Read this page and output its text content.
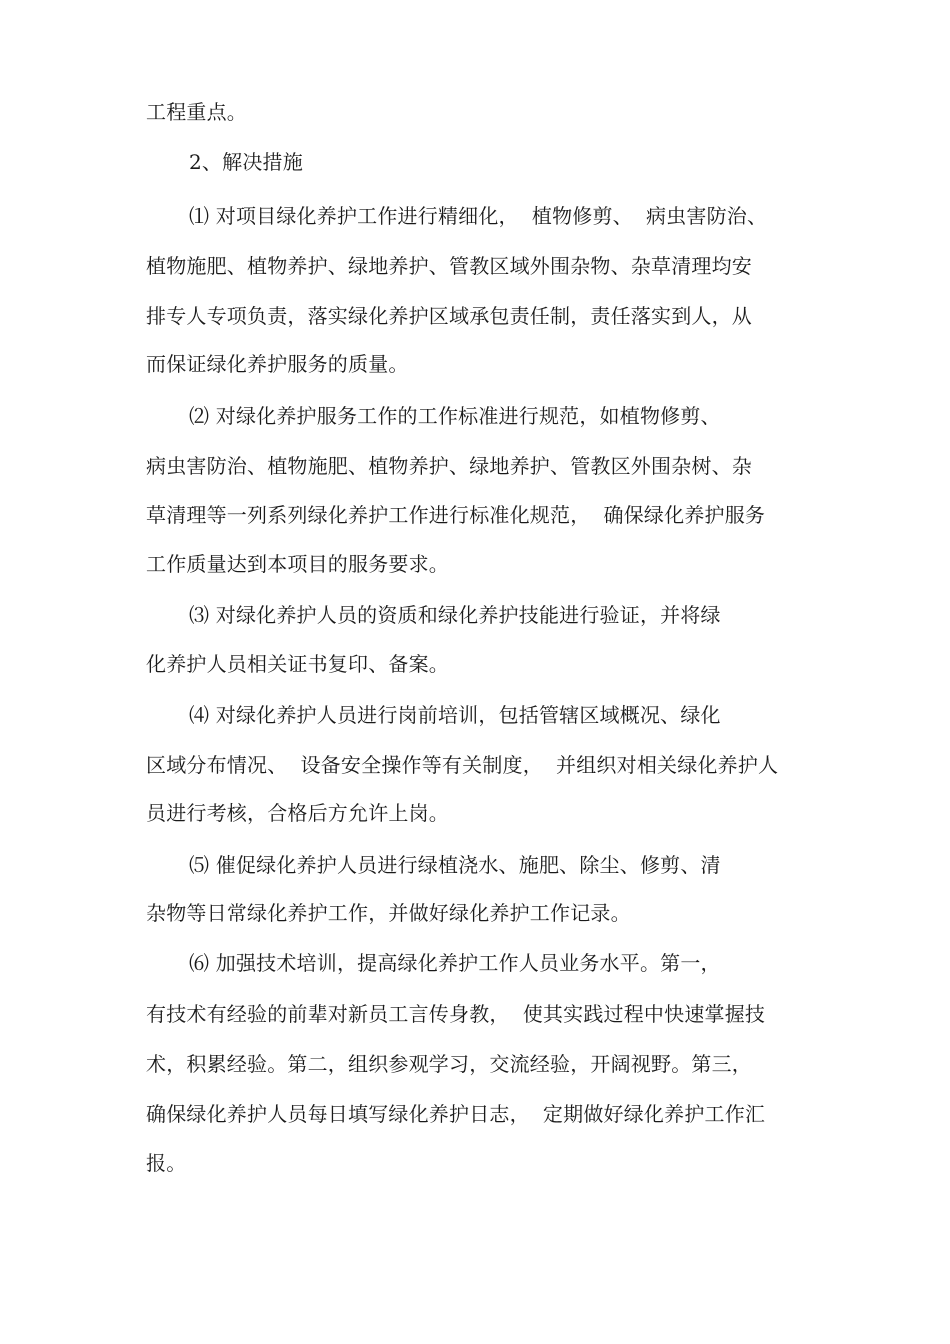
工程重点。
2、解决措施
⑴ 对项目绿化养护工作进行精细化，  植物修剪、  病虫害防治、
植物施肥、植物养护、绿地养护、管教区域外围杂物、杂草清理均安
排专人专项负责，落实绿化养护区域承包责任制，责任落实到人，从
而保证绿化养护服务的质量。
⑵ 对绿化养护服务工作的工作标准进行规范，如植物修剪、
病虫害防治、植物施肥、植物养护、绿地养护、管教区外围杂树、杂
草清理等一列系列绿化养护工作进行标准化规范，  确保绿化养护服务
工作质量达到本项目的服务要求。
⑶ 对绿化养护人员的资质和绿化养护技能进行验证，并将绿
化养护人员相关证书复印、备案。
⑷ 对绿化养护人员进行岗前培训，包括管辖区域概况、绿化
区域分布情况、  设备安全操作等有关制度，  并组织对相关绿化养护人
员进行考核，合格后方允许上岗。
⑸ 催促绿化养护人员进行绿植浇水、施肥、除尘、修剪、清
杂物等日常绿化养护工作，并做好绿化养护工作记录。
⑹ 加强技术培训，提高绿化养护工作人员业务水平。第一，
有技术有经验的前辈对新员工言传身教，  使其实践过程中快速掌握技
术，积累经验。第二，组织参观学习，交流经验，开阔视野。第三，
确保绿化养护人员每日填写绿化养护日志，  定期做好绿化养护工作汇
报。
